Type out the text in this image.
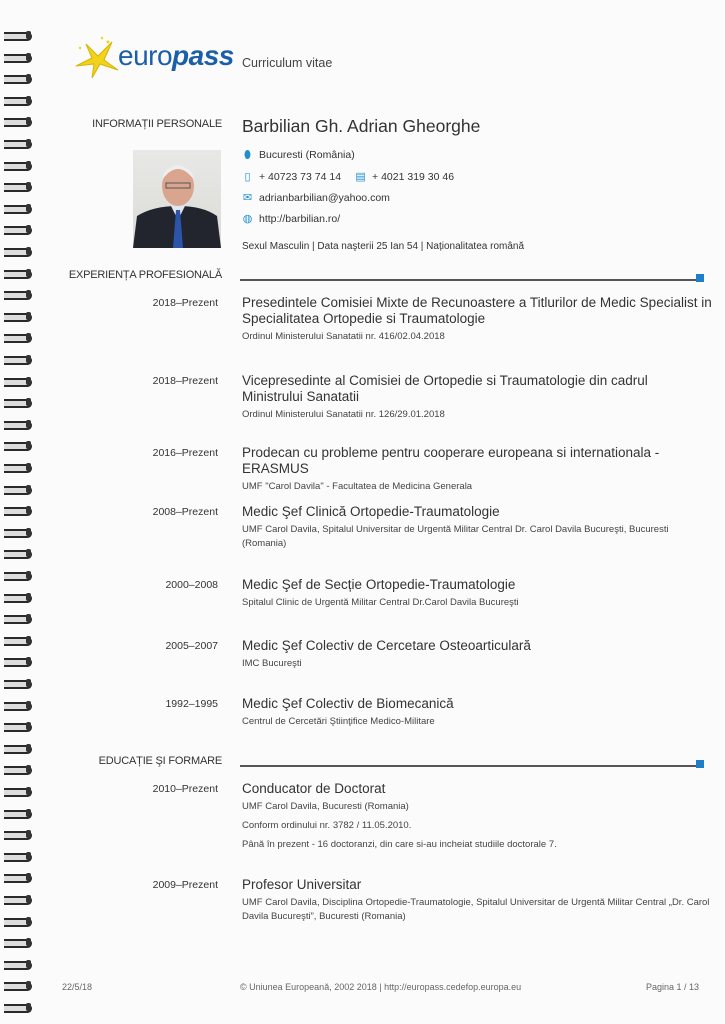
europass Curriculum vitae
INFORMAȚII PERSONALE Barbilian Gh. Adrian Gheorghe
⬮ Bucuresti (România)
▯ + 40723 73 74 14 ▤ + 4021 319 30 46
✉ adrianbarbilian@yahoo.com
◍ http://barbilian.ro/
Sexul Masculin | Data naşterii 25 Ian 54 | Naționalitatea română
EXPERIENȚA PROFESIONALĂ
2018–Prezent Presedintele Comisiei Mixte de Recunoastere a Titlurilor de Medic Specialist in Specialitatea Ortopedie si Traumatologie
Ordinul Ministerului Sanatatii nr. 416/02.04.2018
2018–Prezent Vicepresedinte al Comisiei de Ortopedie si Traumatologie din cadrul Ministrului Sanatatii
Ordinul Ministerului Sanatatii nr. 126/29.01.2018
2016–Prezent Prodecan cu probleme pentru cooperare europeana si internationala - ERASMUS
UMF "Carol Davila" - Facultatea de Medicina Generala
2008–Prezent Medic Şef Clinică Ortopedie-Traumatologie
UMF Carol Davila, Spitalul Universitar de Urgentă Militar Central Dr. Carol Davila Bucureşti, Bucuresti (Romania)
2000–2008 Medic Şef de Secție Ortopedie-Traumatologie
Spitalul Clinic de Urgentă Militar Central Dr.Carol Davila Bucureşti
2005–2007 Medic Şef Colectiv de Cercetare Osteoarticulară
IMC Bucureşti
1992–1995 Medic Şef Colectiv de Biomecanică
Centrul de Cercetări Ştiinţifice Medico-Militare
EDUCAȚIE ŞI FORMARE
2010–Prezent Conducator de Doctorat
UMF Carol Davila, Bucuresti (Romania)
Conform ordinului nr. 3782 / 11.05.2010.
Până în prezent - 16 doctoranzi, din care si-au incheiat studiile doctorale 7.
2009–Prezent Profesor Universitar
UMF Carol Davila, Disciplina Ortopedie-Traumatologie, Spitalul Universitar de Urgentă Militar Central „Dr. Carol Davila Bucureşti”, Bucuresti (Romania)
22/5/18	© Uniunea Europeană, 2002 2018 | http://europass.cedefop.europa.eu	Pagina 1 / 13
